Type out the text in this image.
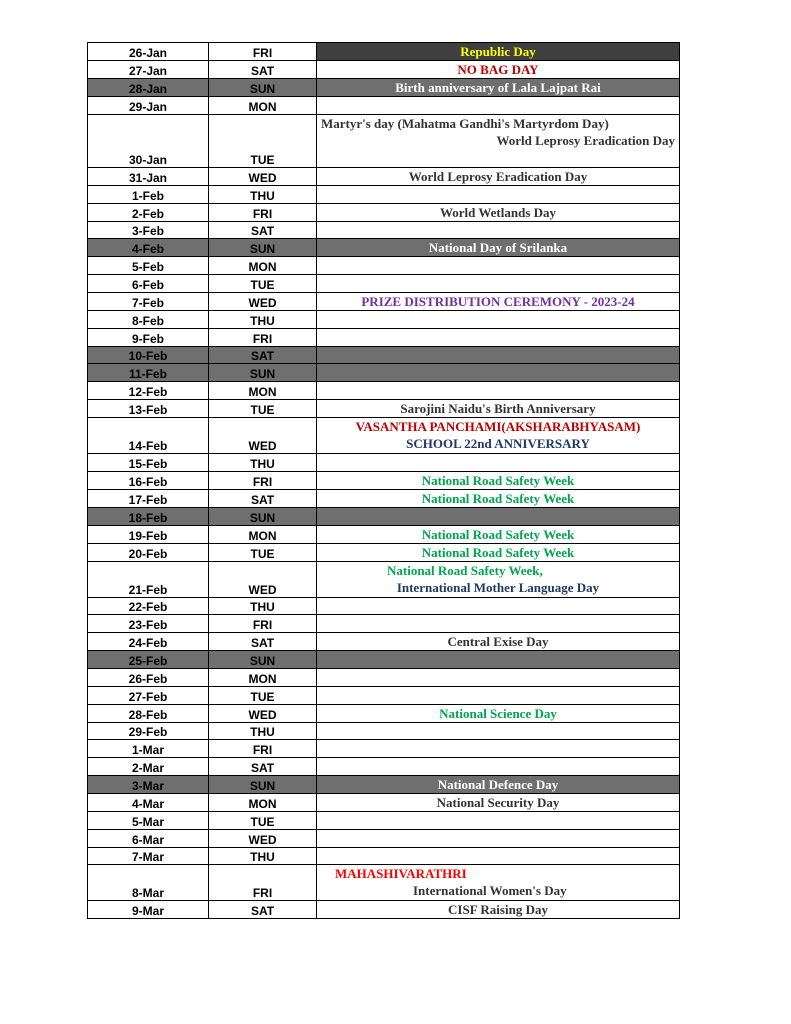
26-Jan	FRI	Republic Day

27-Jan	SAT	NO BAG DAY

28-Jan	SUN	Birth anniversary of Lala Lajpat Rai

29-Jan	MON	
30-Jan	TUE	Martyr's day (Mahatma Gandhi's Martyrdom Day)
World Leprosy Eradication Day

31-Jan	WED	World Leprosy Eradication Day

1-Feb	THU	
2-Feb	FRI	World Wetlands Day

3-Feb	SAT	
4-Feb	SUN	National Day of Srilanka

5-Feb	MON	
6-Feb	TUE	
7-Feb	WED	PRIZE DISTRIBUTION CEREMONY - 2023-24

8-Feb	THU	
9-Feb	FRI	
10-Feb	SAT	
11-Feb	SUN	
12-Feb	MON	
13-Feb	TUE	Sarojini Naidu's Birth Anniversary

14-Feb	WED	VASANTHA PANCHAMI(AKSHARABHYASAM)
SCHOOL 22nd ANNIVERSARY

15-Feb	THU	
16-Feb	FRI	National Road Safety Week

17-Feb	SAT	National Road Safety Week

18-Feb	SUN	
19-Feb	MON	National Road Safety Week

20-Feb	TUE	National Road Safety Week

21-Feb	WED	National Road Safety Week,
International Mother Language Day

22-Feb	THU	
23-Feb	FRI	
24-Feb	SAT	Central Exise Day

25-Feb	SUN	
26-Feb	MON	
27-Feb	TUE	
28-Feb	WED	National Science Day

29-Feb	THU	
1-Mar	FRI	
2-Mar	SAT	
3-Mar	SUN	National Defence Day

4-Mar	MON	National Security Day

5-Mar	TUE	
6-Mar	WED	
7-Mar	THU	
8-Mar	FRI	MAHASHIVARATHRI
International Women's Day

9-Mar	SAT	CISF Raising Day
